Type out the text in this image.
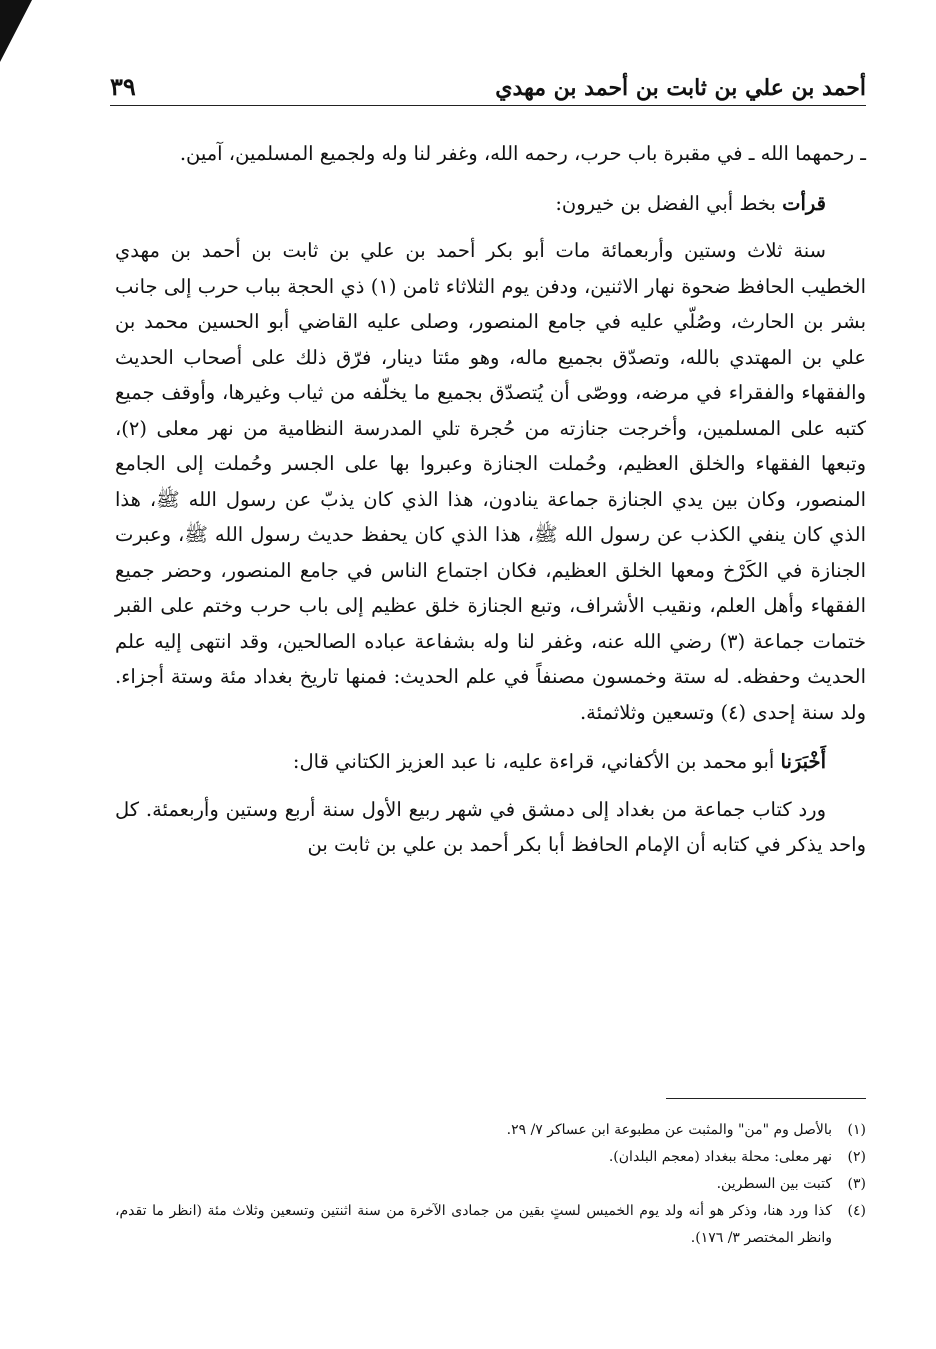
أحمد بن علي بن ثابت بن أحمد بن مهدي
٣٩

ـ رحمهما الله ـ في مقبرة باب حرب، رحمه الله، وغفر لنا وله ولجميع المسلمين، آمين.

قرأت بخط أبي الفضل بن خيرون:

سنة ثلاث وستين وأربعمائة مات أبو بكر أحمد بن علي بن ثابت بن أحمد بن مهدي الخطيب الحافظ ضحوة نهار الاثنين، ودفن يوم الثلاثاء ثامن (١) ذي الحجة بباب حرب إلى جانب بشر بن الحارث، وصُلّي عليه في جامع المنصور، وصلى عليه القاضي أبو الحسين محمد بن علي بن المهتدي بالله، وتصدّق بجميع ماله، وهو مئتا دينار، فرّق ذلك على أصحاب الحديث والفقهاء والفقراء في مرضه، ووصّى أن يُتصدّق بجميع ما يخلّفه من ثياب وغيرها، وأوقف جميع كتبه على المسلمين، وأخرجت جنازته من حُجرة تلي المدرسة النظامية من نهر معلى (٢)، وتبعها الفقهاء والخلق العظيم، وحُملت الجنازة وعبروا بها على الجسر وحُملت إلى الجامع المنصور، وكان بين يدي الجنازة جماعة ينادون، هذا الذي كان يذبّ عن رسول الله ﷺ، هذا الذي كان ينفي الكذب عن رسول الله ﷺ، هذا الذي كان يحفظ حديث رسول الله ﷺ، وعبرت الجنازة في الكَرْخ ومعها الخلق العظيم، فكان اجتماع الناس في جامع المنصور، وحضر جميع الفقهاء وأهل العلم، ونقيب الأشراف، وتبع الجنازة خلق عظيم إلى باب حرب وختم على القبر ختمات جماعة (٣) رضي الله عنه، وغفر لنا وله بشفاعة عباده الصالحين، وقد انتهى إليه علم الحديث وحفظه. له ستة وخمسون مصنفاً في علم الحديث: فمنها تاريخ بغداد مئة وستة أجزاء. ولد سنة إحدى (٤) وتسعين وثلاثمئة.

أَخْبَرَنا أبو محمد بن الأكفاني، قراءة عليه، نا عبد العزيز الكتاني قال:

ورد كتاب جماعة من بغداد إلى دمشق في شهر ربيع الأول سنة أربع وستين وأربعمئة. كل واحد يذكر في كتابه أن الإمام الحافظ أبا بكر أحمد بن علي بن ثابت بن

(١)
بالأصل وم "من" والمثبت عن مطبوعة ابن عساكر ٧/ ٢٩.
(٢)
نهر معلى: محلة ببغداد (معجم البلدان).
(٣)
كتبت بين السطرين.
(٤)
كذا ورد هنا، وذكر هو أنه ولد يوم الخميس لستٍ بقين من جمادى الآخرة من سنة اثنتين وتسعين وثلاث مئة (انظر ما تقدم، وانظر المختصر ٣/ ١٧٦).
